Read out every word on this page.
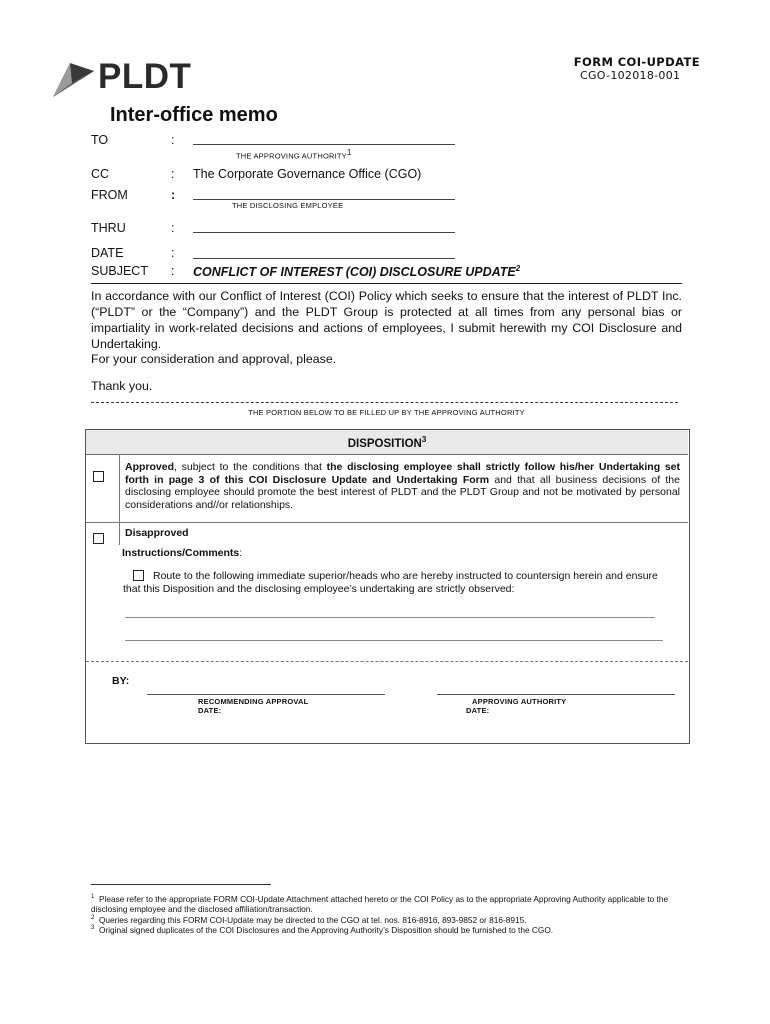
PLDT	FORM COI-UPDATE
CGO-102018-001
Inter-office memo
TO	:
THE APPROVING AUTHORITY1
CC	: The Corporate Governance Office (CGO)
FROM	:
THE DISCLOSING EMPLOYEE
THRU	:
DATE	:
SUBJECT : CONFLICT OF INTEREST (COI) DISCLOSURE UPDATE$^2$
In accordance with our Conflict of Interest (COI) Policy which seeks to ensure that the interest of PLDT Inc. (“PLDT” or the “Company”) and the PLDT Group is protected at all times from any personal bias or impartiality in work-related decisions and actions of employees, I submit herewith my COI Disclosure and Undertaking.
For your consideration and approval, please.
Thank you.
THE PORTION BELOW TO BE FILLED UP BY THE APPROVING AUTHORITY
DISPOSITION$^3$
Approved, subject to the conditions that the disclosing employee shall strictly follow his/her Undertaking set forth in page 3 of this COI Disclosure Update and Undertaking Form and that all business decisions of the disclosing employee should promote the best interest of PLDT and the PLDT Group and not be motivated by personal considerations and//or relationships.
Disapproved
Instructions/Comments:
Route to the following immediate superior/heads who are hereby instructed to countersign herein and ensure that this Disposition and the disclosing employee’s undertaking are strictly observed:
BY:
RECOMMENDING APPROVAL
DATE:
APPROVING AUTHORITY
DATE:
$^1$ Please refer to the appropriate FORM COI-Update Attachment attached hereto or the COI Policy as to the appropriate Approving Authority applicable to the disclosing employee and the disclosed affiliation/transaction.
$^2$ Queries regarding this FORM COI-Update may be directed to the CGO at tel. nos. 816-8916, 893-9852 or 816-8915.
$^3$ Original signed duplicates of the COI Disclosures and the Approving Authority’s Disposition should be furnished to the CGO.
